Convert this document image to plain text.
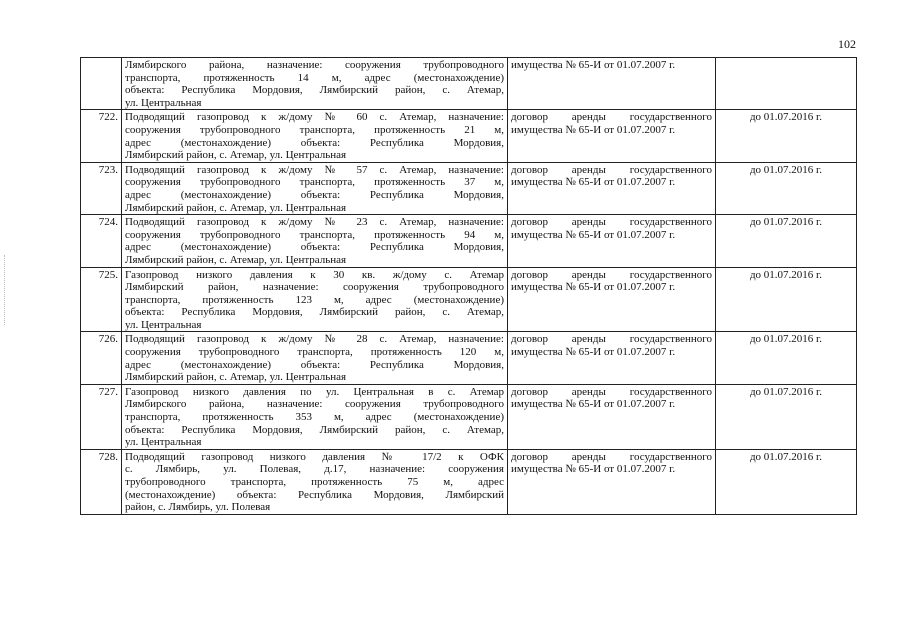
102

	Лямбирского района, назначение: сооружения трубопроводного
транспорта, протяженность 14 м, адрес (местонахождение)
объекта: Республика Мордовия, Лямбирский район, с. Атемар,
ул. Центральная	имущества № 65-И от 01.07.2007 г.	

722.	Подводящий газопровод к ж/дому № 60 с. Атемар, назначение:
сооружения трубопроводного транспорта, протяженность 21 м,
адрес (местонахождение) объекта: Республика Мордовия,
Лямбирский район, с. Атемар, ул. Центральная	договор аренды государственного
имущества № 65-И от 01.07.2007 г.	до 01.07.2016 г.
723.	Подводящий газопровод к ж/дому № 57 с. Атемар, назначение:
сооружения трубопроводного транспорта, протяженность 37 м,
адрес (местонахождение) объекта: Республика Мордовия,
Лямбирский район, с. Атемар, ул. Центральная	договор аренды государственного
имущества № 65-И от 01.07.2007 г.	до 01.07.2016 г.
724.	Подводящий газопровод к ж/дому № 23 с. Атемар, назначение:
сооружения трубопроводного транспорта, протяженность 94 м,
адрес (местонахождение) объекта: Республика Мордовия,
Лямбирский район, с. Атемар, ул. Центральная	договор аренды государственного
имущества № 65-И от 01.07.2007 г.	до 01.07.2016 г.
725.	Газопровод низкого давления к 30 кв. ж/дому с. Атемар
Лямбирский район, назначение: сооружения трубопроводного
транспорта, протяженность 123 м, адрес (местонахождение)
объекта: Республика Мордовия, Лямбирский район, с. Атемар,
ул. Центральная	договор аренды государственного
имущества № 65-И от 01.07.2007 г.	до 01.07.2016 г.
726.	Подводящий газопровод к ж/дому № 28 с. Атемар, назначение:
сооружения трубопроводного транспорта, протяженность 120 м,
адрес (местонахождение) объекта: Республика Мордовия,
Лямбирский район, с. Атемар, ул. Центральная	договор аренды государственного
имущества № 65-И от 01.07.2007 г.	до 01.07.2016 г.
727.	Газопровод низкого давления по ул. Центральная в с. Атемар
Лямбирского района, назначение: сооружения трубопроводного
транспорта, протяженность 353 м, адрес (местонахождение)
объекта: Республика Мордовия, Лямбирский район, с. Атемар,
ул. Центральная	договор аренды государственного
имущества № 65-И от 01.07.2007 г.	до 01.07.2016 г.
728.	Подводящий газопровод низкого давления № 17/2 к ОФК
с. Лямбирь, ул. Полевая, д.17, назначение: сооружения
трубопроводного транспорта, протяженность 75 м, адрес
(местонахождение) объекта: Республика Мордовия, Лямбирский
район, с. Лямбирь, ул. Полевая	договор аренды государственного
имущества № 65-И от 01.07.2007 г.	до 01.07.2016 г.
